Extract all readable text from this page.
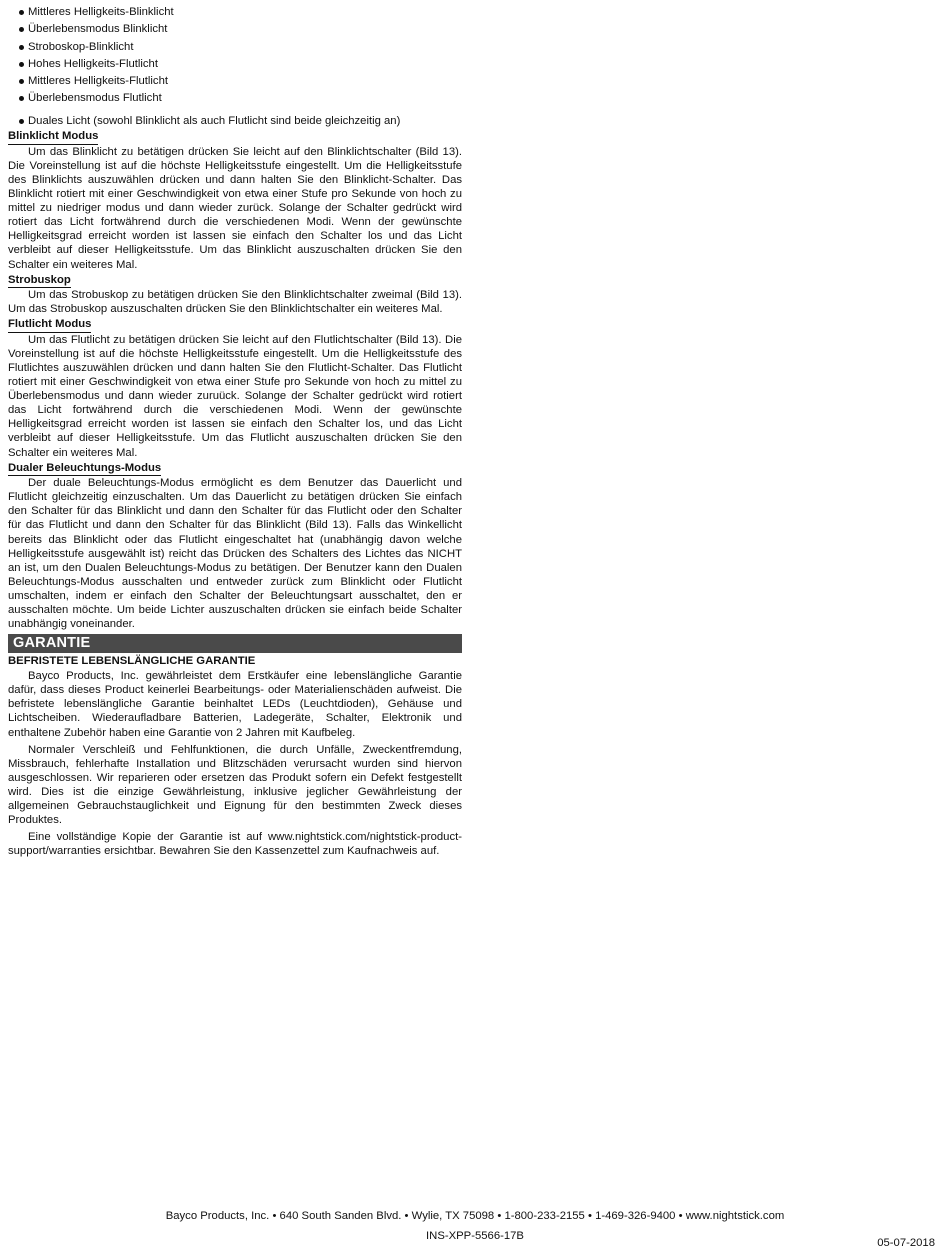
Mittleres Helligkeits-Blinklicht
Überlebensmodus Blinklicht
Stroboskop-Blinklicht
Hohes Helligkeits-Flutlicht
Mittleres Helligkeits-Flutlicht
Überlebensmodus Flutlicht
Duales Licht (sowohl Blinklicht als auch Flutlicht sind beide gleichzeitig an)
Blinklicht Modus

Um das Blinklicht zu betätigen drücken Sie leicht auf den Blinklichtschalter (Bild 13). Die Voreinstellung ist auf die höchste Helligkeitsstufe eingestellt. Um die Helligkeitsstufe des Blinklichts auszuwählen drücken und dann halten Sie den Blinklicht-Schalter. Das Blinklicht rotiert mit einer Geschwindigkeit von etwa einer Stufe pro Sekunde von hoch zu mittel zu niedriger modus und dann wieder zurück. Solange der Schalter gedrückt wird rotiert das Licht fortwährend durch die verschiedenen Modi. Wenn der gewünschte Helligkeitsgrad erreicht worden ist lassen sie einfach den Schalter los und das Licht verbleibt auf dieser Helligkeitsstufe. Um das Blinklicht auszuschalten drücken Sie den Schalter ein weiteres Mal.

Strobuskop

Um das Strobuskop zu betätigen drücken Sie den Blinklichtschalter zweimal (Bild 13). Um das Strobuskop auszuschalten drücken Sie den Blinklichtschalter ein weiteres Mal.

Flutlicht Modus

Um das Flutlicht zu betätigen drücken Sie leicht auf den Flutlichtschalter (Bild 13). Die Voreinstellung ist auf die höchste Helligkeitsstufe eingestellt. Um die Helligkeitsstufe des Flutlichtes auszuwählen drücken und dann halten Sie den Flutlicht-Schalter. Das Flutlicht rotiert mit einer Geschwindigkeit von etwa einer Stufe pro Sekunde von hoch zu mittel zu Überlebensmodus und dann wieder zuruück. Solange der Schalter gedrückt wird rotiert das Licht fortwährend durch die verschiedenen Modi. Wenn der gewünschte Helligkeitsgrad erreicht worden ist lassen sie einfach den Schalter los, und das Licht verbleibt auf dieser Helligkeitsstufe. Um das Flutlicht auszuschalten drücken Sie den Schalter ein weiteres Mal.

Dualer Beleuchtungs-Modus

Der duale Beleuchtungs-Modus ermöglicht es dem Benutzer das Dauerlicht und Flutlicht gleichzeitig einzuschalten. Um das Dauerlicht zu betätigen drücken Sie einfach den Schalter für das Blinklicht und dann den Schalter für das Flutlicht oder den Schalter für das Flutlicht und dann den Schalter für das Blinklicht (Bild 13). Falls das Winkellicht bereits das Blinklicht oder das Flutlicht eingeschaltet hat (unabhängig davon welche Helligkeitsstufe ausgewählt ist) reicht das Drücken des Schalters des Lichtes das NICHT an ist, um den Dualen Beleuchtungs-Modus zu betätigen. Der Benutzer kann den Dualen Beleuchtungs-Modus ausschalten und entweder zurück zum Blinklicht oder Flutlicht umschalten, indem er einfach den Schalter der Beleuchtungsart ausschaltet, den er ausschalten möchte. Um beide Lichter auszuschalten drücken sie einfach beide Schalter unabhängig voneinander.

GARANTIE
BEFRISTETE LEBENSLÄNGLICHE GARANTIE

Bayco Products, Inc. gewährleistet dem Erstkäufer eine lebenslängliche Garantie dafür, dass dieses Product keinerlei Bearbeitungs- oder Materialienschäden aufweist. Die befristete lebenslängliche Garantie beinhaltet LEDs (Leuchtdioden), Gehäuse und Lichtscheiben. Wiederaufladbare Batterien, Ladegeräte, Schalter, Elektronik und enthaltene Zubehör haben eine Garantie von 2 Jahren mit Kaufbeleg.

Normaler Verschleiß und Fehlfunktionen, die durch Unfälle, Zweckentfremdung, Missbrauch, fehlerhafte Installation und Blitzschäden verursacht wurden sind hiervon ausgeschlossen. Wir reparieren oder ersetzen das Produkt sofern ein Defekt festgestellt wird. Dies ist die einzige Gewährleistung, inklusive jeglicher Gewährleistung der allgemeinen Gebrauchstauglichkeit und Eignung für den bestimmten Zweck dieses Produktes.

Eine vollständige Kopie der Garantie ist auf www.nightstick.com/nightstick-product-support/warranties ersichtbar. Bewahren Sie den Kassenzettel zum Kaufnachweis auf.

Bayco Products, Inc. • 640 South Sanden Blvd. • Wylie, TX 75098 • 1-800-233-2155 • 1-469-326-9400 • www.nightstick.com
INS-XPP-5566-17B
05-07-2018
